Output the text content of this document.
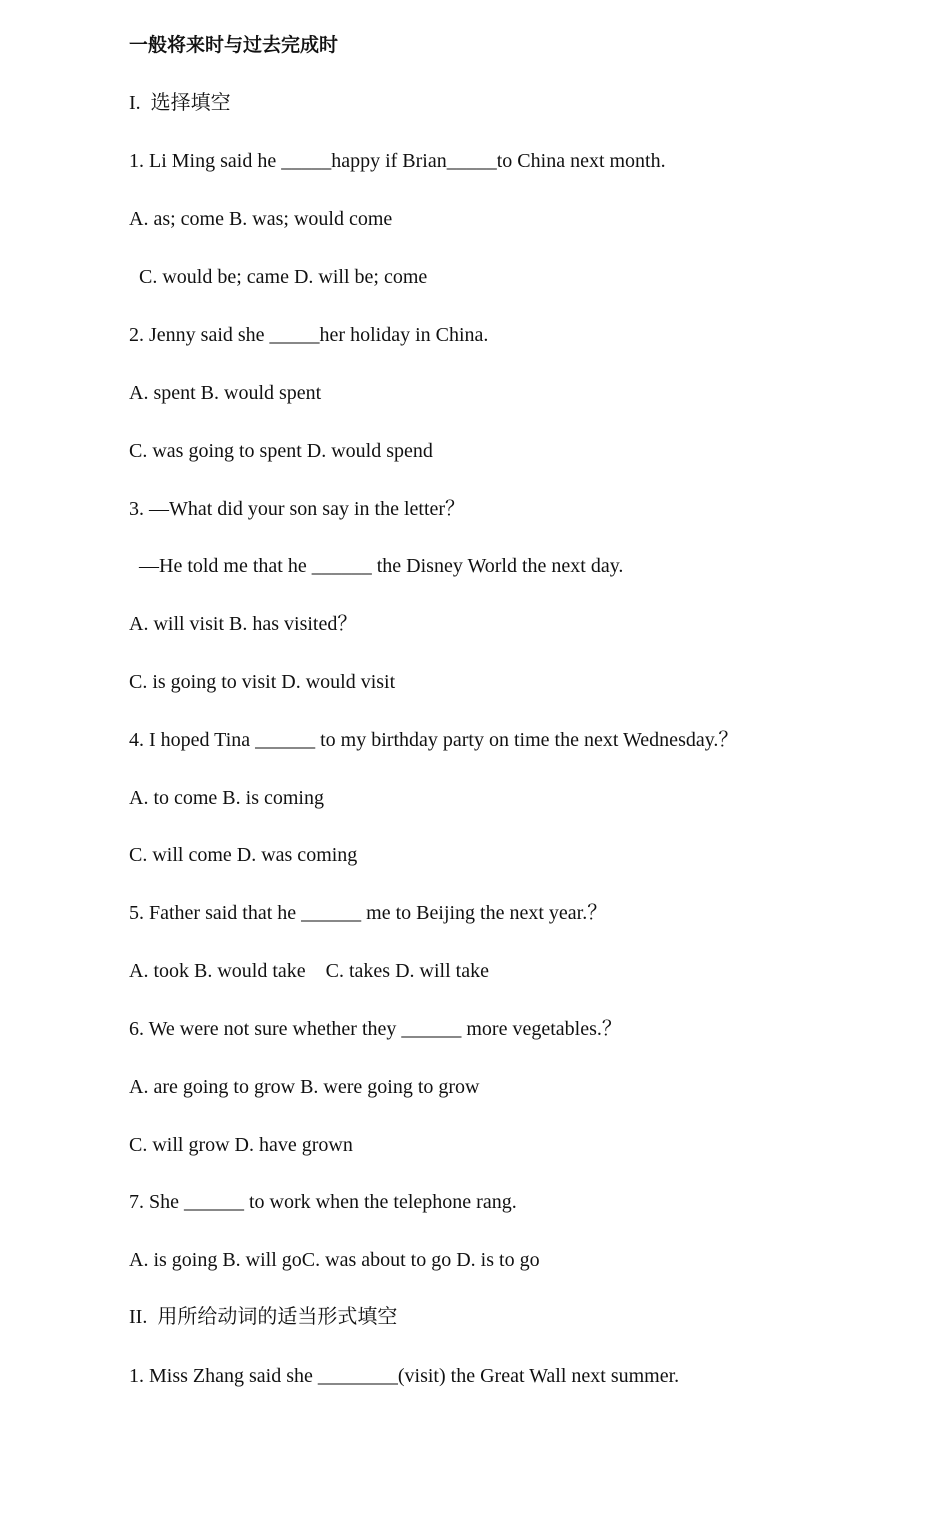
一般将来时与过去完成时
I.  选择填空
1. Li Ming said he _____happy if Brian_____to China next month.
A. as; come B. was; would come
C. would be; came D. will be; come
2. Jenny said she _____her holiday in China.
A. spent B. would spent
C. was going to spent D. would spend
3. —What did your son say in the letter？
—He told me that he ______ the Disney World the next day.
A. will visit B. has visited？
C. is going to visit D. would visit
4. I hoped Tina ______ to my birthday party on time the next Wednesday.？
A. to come B. is coming
C. will come D. was coming
5. Father said that he ______ me to Beijing the next year.？
A. took B. would take    C. takes D. will take
6. We were not sure whether they ______ more vegetables.？
A. are going to grow B. were going to grow
C. will grow D. have grown
7. She ______ to work when the telephone rang.
A. is going B. will goC. was about to go D. is to go
II.  用所给动词的适当形式填空
1. Miss Zhang said she ________(visit) the Great Wall next summer.
